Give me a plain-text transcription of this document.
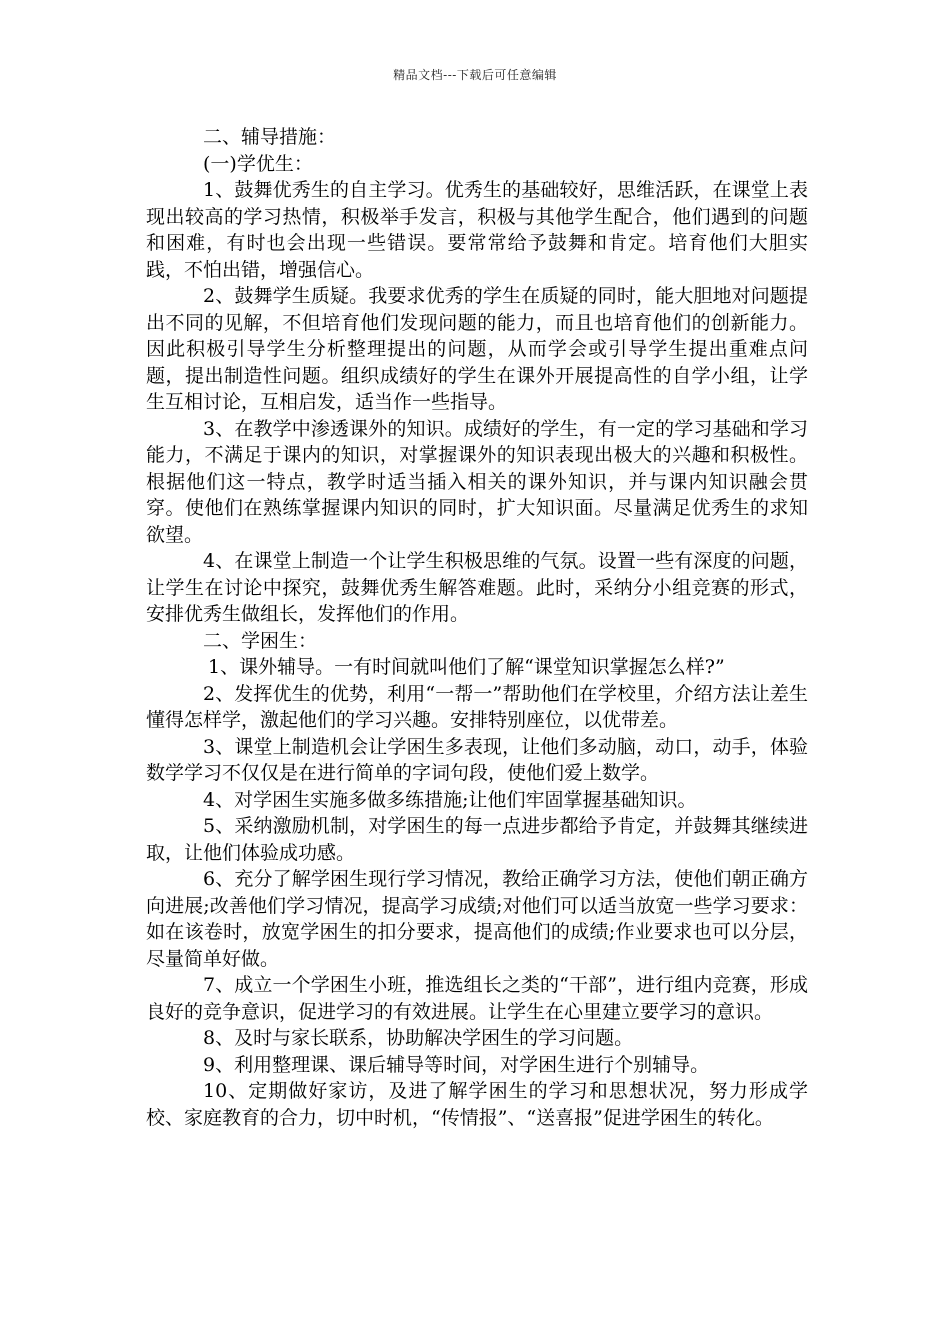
精品文档---下载后可任意编辑

二、辅导措施：

(一)学优生：

1、鼓舞优秀生的自主学习。优秀生的基础较好，思维活跃，在课堂上表现出较高的学习热情，积极举手发言，积极与其他学生配合，他们遇到的问题和困难，有时也会出现一些错误。要常常给予鼓舞和肯定。培育他们大胆实践，不怕出错，增强信心。

2、鼓舞学生质疑。我要求优秀的学生在质疑的同时，能大胆地对问题提出不同的见解，不但培育他们发现问题的能力，而且也培育他们的创新能力。因此积极引导学生分析整理提出的问题，从而学会或引导学生提出重难点问题，提出制造性问题。组织成绩好的学生在课外开展提高性的自学小组，让学生互相讨论，互相启发，适当作一些指导。

3、在教学中渗透课外的知识。成绩好的学生，有一定的学习基础和学习能力，不满足于课内的知识，对掌握课外的知识表现出极大的兴趣和积极性。根据他们这一特点，教学时适当插入相关的课外知识，并与课内知识融会贯穿。使他们在熟练掌握课内知识的同时，扩大知识面。尽量满足优秀生的求知欲望。

4、在课堂上制造一个让学生积极思维的气氛。设置一些有深度的问题，让学生在讨论中探究，鼓舞优秀生解答难题。此时，采纳分小组竞赛的形式，安排优秀生做组长，发挥他们的作用。

二、学困生：

1、课外辅导。一有时间就叫他们了解“课堂知识掌握怎么样?”

2、发挥优生的优势，利用“一帮一”帮助他们在学校里，介绍方法让差生懂得怎样学，激起他们的学习兴趣。安排特别座位，以优带差。

3、课堂上制造机会让学困生多表现，让他们多动脑，动口，动手，体验数学学习不仅仅是在进行简单的字词句段，使他们爱上数学。

4、对学困生实施多做多练措施;让他们牢固掌握基础知识。

5、采纳激励机制，对学困生的每一点进步都给予肯定，并鼓舞其继续进取，让他们体验成功感。

6、充分了解学困生现行学习情况，教给正确学习方法，使他们朝正确方向进展;改善他们学习情况，提高学习成绩;对他们可以适当放宽一些学习要求：如在该卷时，放宽学困生的扣分要求，提高他们的成绩;作业要求也可以分层，尽量简单好做。

7、成立一个学困生小班，推选组长之类的“干部”，进行组内竞赛，形成良好的竞争意识，促进学习的有效进展。让学生在心里建立要学习的意识。

8、及时与家长联系，协助解决学困生的学习问题。

9、利用整理课、课后辅导等时间，对学困生进行个别辅导。

10、定期做好家访，及进了解学困生的学习和思想状况，努力形成学校、家庭教育的合力，切中时机，“传情报”、“送喜报”促进学困生的转化。
